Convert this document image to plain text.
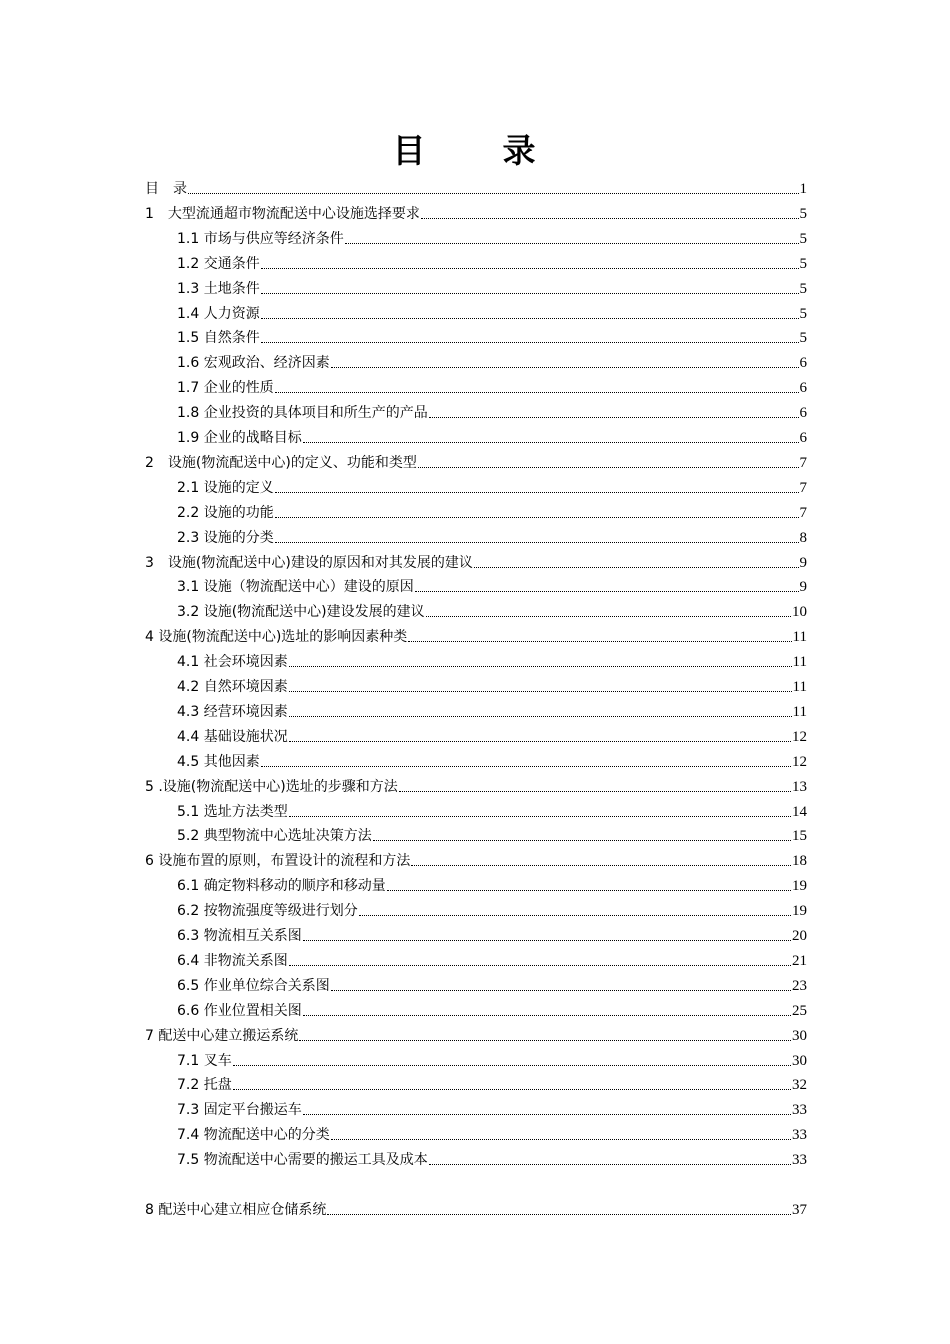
目　录
目　录	1
1　大型流通超市物流配送中心设施选择要求	5
1.1 市场与供应等经济条件	5
1.2 交通条件	5
1.3 土地条件	5
1.4 人力资源	5
1.5 自然条件	5
1.6 宏观政治、经济因素	6
1.7 企业的性质	6
1.8 企业投资的具体项目和所生产的产品	6
1.9 企业的战略目标	6
2　设施(物流配送中心)的定义、功能和类型	7
2.1 设施的定义	7
2.2 设施的功能	7
2.3 设施的分类	8
3　设施(物流配送中心)建设的原因和对其发展的建议	9
3.1 设施（物流配送中心）建设的原因	9
3.2 设施(物流配送中心)建设发展的建议	10
4 设施(物流配送中心)选址的影响因素种类	11
4.1 社会环境因素	11
4.2 自然环境因素	11
4.3 经营环境因素	11
4.4 基础设施状况	12
4.5 其他因素	12
5 .设施(物流配送中心)选址的步骤和方法	13
5.1 选址方法类型	14
5.2 典型物流中心选址决策方法	15
6 设施布置的原则，布置设计的流程和方法	18
6.1 确定物料移动的顺序和移动量	19
6.2 按物流强度等级进行划分	19
6.3 物流相互关系图	20
6.4 非物流关系图	21
6.5 作业单位综合关系图	23
6.6 作业位置相关图	25
7 配送中心建立搬运系统	30
7.1 叉车	30
7.2 托盘	32
7.3 固定平台搬运车	33
7.4 物流配送中心的分类	33
7.5 物流配送中心需要的搬运工具及成本	33
8 配送中心建立相应仓储系统	37
